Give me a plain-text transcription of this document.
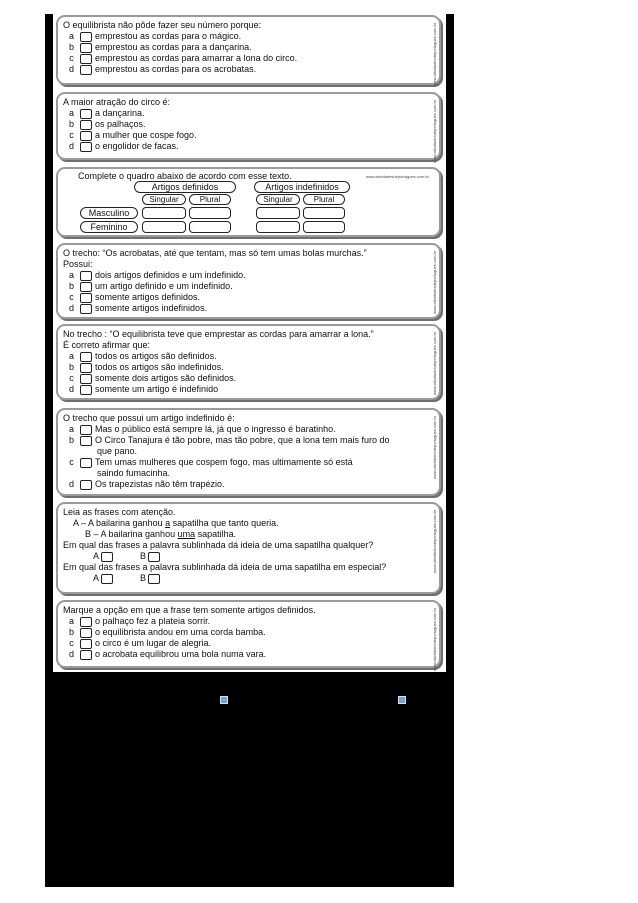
O equilibrista não pôde fazer seu número porque:
a	emprestou as cordas para o mágico.
b	emprestou as cordas para a dançarina.
c	emprestou as cordas para amarrar a lona do circo.
d	emprestou as cordas para os acrobatas.	www.atividadesdeportugues.com.br
A maior atração do circo é:
a	a dançarina.
b	os palhaços.
c	a mulher que cospe fogo.
d	o engolidor de facas.	www.atividadesdeportugues.com.br
Complete o quadro abaixo de acordo com esse texto.	www.atividadesdeportugues.com.br
Artigos definidos	Artigos indefinidos
Singular	Plural	Singular	Plural
Masculino
Feminino
O trecho: “Os acrobatas, até que tentam, mas só tem umas bolas murchas.”
Possui:
a	dois artigos definidos e um indefinido.
b	um artigo definido e um indefinido.
c	somente artigos definidos.
d	somente artigos indefinidos.	www.atividadesdeportugues.com.br
No trecho : “O equilibrista teve que emprestar as cordas para amarrar a lona.”
É correto afirmar que:
a	todos os artigos são definidos.
b	todos os artigos são indefinidos.
c	somente dois artigos são definidos.
d	somente um artigo é indefinido	www.atividadesdeportugues.com.br
O trecho que possui um artigo indefinido é:
a	Mas o público está sempre lá, já que o ingresso é baratinho.
b	O Circo Tanajura é tão pobre, mas tão pobre, que a lona tem mais furo do
que pano.
c	Tem umas mulheres que cospem fogo, mas ultimamente só está
saindo fumacinha.
d	Os trapezistas não têm trapézio.
www.atividadesdeportugues.com.br
Leia as frases com atenção.
A – A bailarina ganhou a sapatilha que tanto queria.
B – A bailarina ganhou uma sapatilha.
Em qual das frases a palavra sublinhada dá ideia de uma sapatilha qualquer?
A	B
Em qual das frases a palavra sublinhada dá ideia de uma sapatilha em especial?
A	B
www.atividadesdeportugues.com.br
Marque a opção em que a frase tem somente artigos definidos.
a	o palhaço fez a plateia sorrir.
b	o equilibrista andou em uma corda bamba.
c	o circo é um lugar de alegria.
d	o acrobata equilibrou uma bola numa vara.	www.atividadesdeportugues.com.br
